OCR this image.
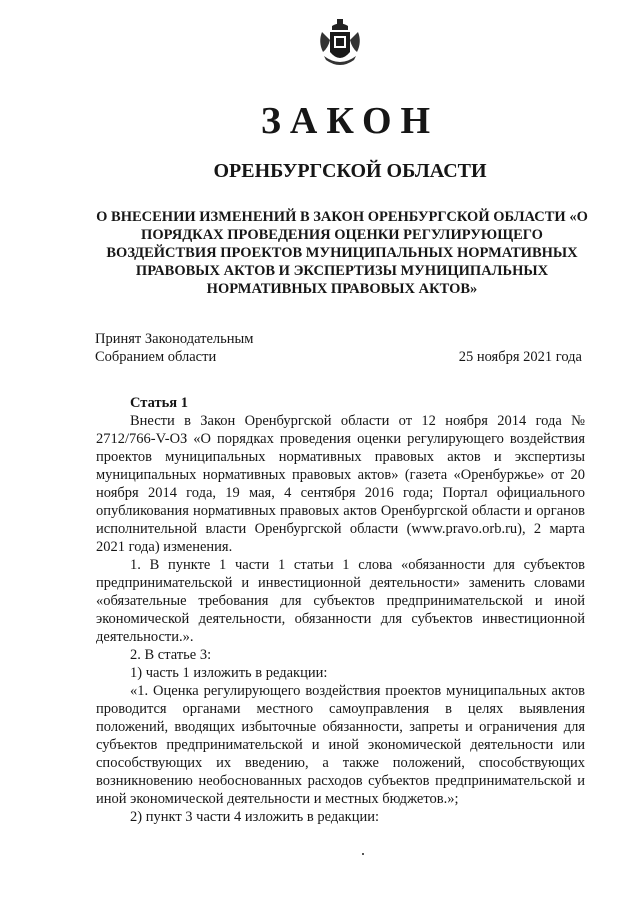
ЗАКОН
ОРЕНБУРГСКОЙ ОБЛАСТИ
О ВНЕСЕНИИ ИЗМЕНЕНИЙ В ЗАКОН ОРЕНБУРГСКОЙ ОБЛАСТИ «О ПОРЯДКАХ ПРОВЕДЕНИЯ ОЦЕНКИ РЕГУЛИРУЮЩЕГО ВОЗДЕЙСТВИЯ ПРОЕКТОВ МУНИЦИПАЛЬНЫХ НОРМАТИВНЫХ ПРАВОВЫХ АКТОВ И ЭКСПЕРТИЗЫ МУНИЦИПАЛЬНЫХ НОРМАТИВНЫХ ПРАВОВЫХ АКТОВ»
Принят Законодательным
Собранием области	25 ноября 2021 года
Статья 1

Внести в Закон Оренбургской области от 12 ноября 2014 года № 2712/766-V-ОЗ «О порядках проведения оценки регулирующего воздействия проектов муниципальных нормативных правовых актов и экспертизы муниципальных нормативных правовых актов» (газета «Оренбуржье» от 20 ноября 2014 года, 19 мая, 4 сентября 2016 года; Портал официального опубликования нормативных правовых актов Оренбургской области и органов исполнительной власти Оренбургской области (www.pravo.orb.ru), 2 марта 2021 года) изменения.

1. В пункте 1 части 1 статьи 1 слова «обязанности для субъектов предпринимательской и инвестиционной деятельности» заменить словами «обязательные требования для субъектов предпринимательской и иной экономической деятельности, обязанности для субъектов инвестиционной деятельности.».

2. В статье 3:

1) часть 1 изложить в редакции:

«1. Оценка регулирующего воздействия проектов муниципальных актов проводится органами местного самоуправления в целях выявления положений, вводящих избыточные обязанности, запреты и ограничения для субъектов предпринимательской и иной экономической деятельности или способствующих их введению, а также положений, способствующих возникновению необоснованных расходов субъектов предпринимательской и иной экономической деятельности и местных бюджетов.»;

2) пункт 3 части 4 изложить в редакции:
